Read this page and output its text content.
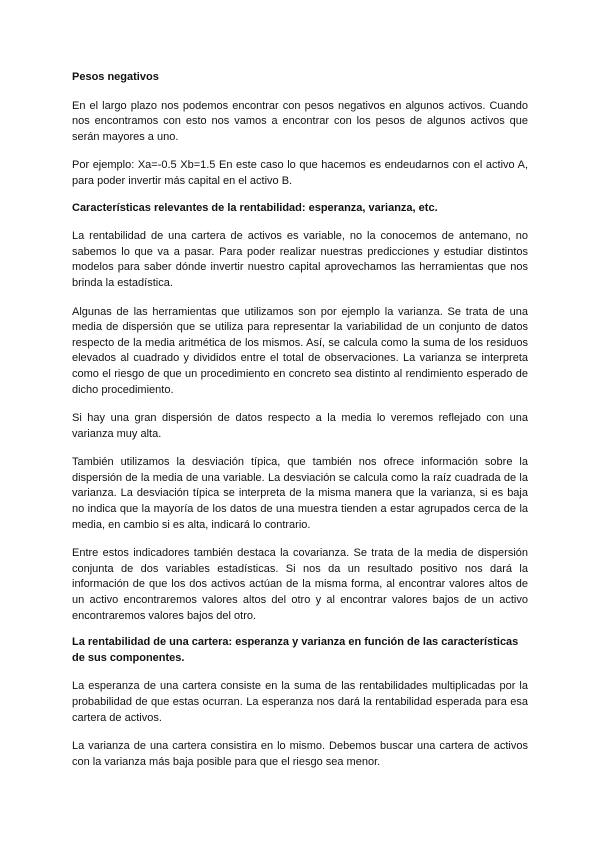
Pesos negativos

En el largo plazo nos podemos encontrar con pesos negativos en algunos activos. Cuando nos encontramos con esto nos vamos a encontrar con los pesos de algunos activos que serán mayores a uno.

Por ejemplo: Xa=-0.5 Xb=1.5 En este caso lo que hacemos es endeudarnos con el activo A, para poder invertir más capital en el activo B.

Características relevantes de la rentabilidad: esperanza, varianza, etc.

La rentabilidad de una cartera de activos es variable, no la conocemos de antemano, no sabemos lo que va a pasar. Para poder realizar nuestras predicciones y estudiar distintos modelos para saber dónde invertir nuestro capital aprovechamos las herramientas que nos brinda la estadística.

Algunas de las herramientas que utilizamos son por ejemplo la varianza. Se trata de una media de dispersión que se utiliza para representar la variabilidad de un conjunto de datos respecto de la media aritmética de los mismos. Así, se calcula como la suma de los residuos elevados al cuadrado y divididos entre el total de observaciones. La varianza se interpreta como el riesgo de que un procedimiento en concreto sea distinto al rendimiento esperado de dicho procedimiento.

Si hay una gran dispersión de datos respecto a la media lo veremos reflejado con una varianza muy alta.

También utilizamos la desviación típica, que también nos ofrece información sobre la dispersión de la media de una variable. La desviación se calcula como la raíz cuadrada de la varianza. La desviación típica se interpreta de la misma manera que la varianza, si es baja no indica que la mayoría de los datos de una muestra tienden a estar agrupados cerca de la media, en cambio si es alta, indicará lo contrario.

Entre estos indicadores también destaca la covarianza. Se trata de la media de dispersión conjunta de dos variables estadísticas. Si nos da un resultado positivo nos dará la información de que los dos activos actúan de la misma forma, al encontrar valores altos de un activo encontraremos valores altos del otro y al encontrar valores bajos de un activo encontraremos valores bajos del otro.

La rentabilidad de una cartera: esperanza y varianza en función de las características de sus componentes.

La esperanza de una cartera consiste en la suma de las rentabilidades multiplicadas por la probabilidad de que estas ocurran. La esperanza nos dará la rentabilidad esperada para esa cartera de activos.

La varianza de una cartera consistira en lo mismo. Debemos buscar una cartera de activos con la varianza más baja posible para que el riesgo sea menor.
